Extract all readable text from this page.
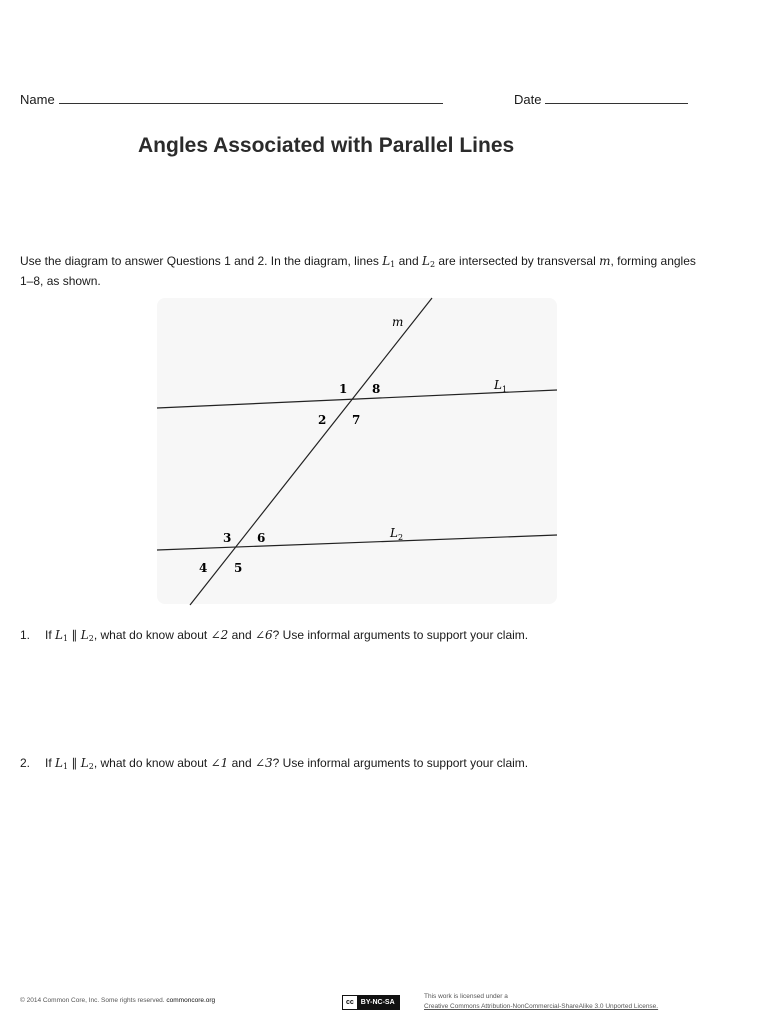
Name	Date
Angles Associated with Parallel Lines
Use the diagram to answer Questions 1 and 2. In the diagram, lines $L_1$ and $L_2$ are intersected by transversal m, forming angles 1–8, as shown.
m
$L_1$
$L_2$
1 8
2 7
3 6
4 5
1. If $L_1$ ∥ $L_2$, what do know about ∠2 and ∠6? Use informal arguments to support your claim.
2. If $L_1$ ∥ $L_2$, what do know about ∠1 and ∠3? Use informal arguments to support your claim.
© 2014 Common Core, Inc. Some rights reserved. commoncore.org	cc	BY-NC-SA
This work is licensed under a
Creative Commons Attribution-NonCommercial-ShareAlike 3.0 Unported License.
